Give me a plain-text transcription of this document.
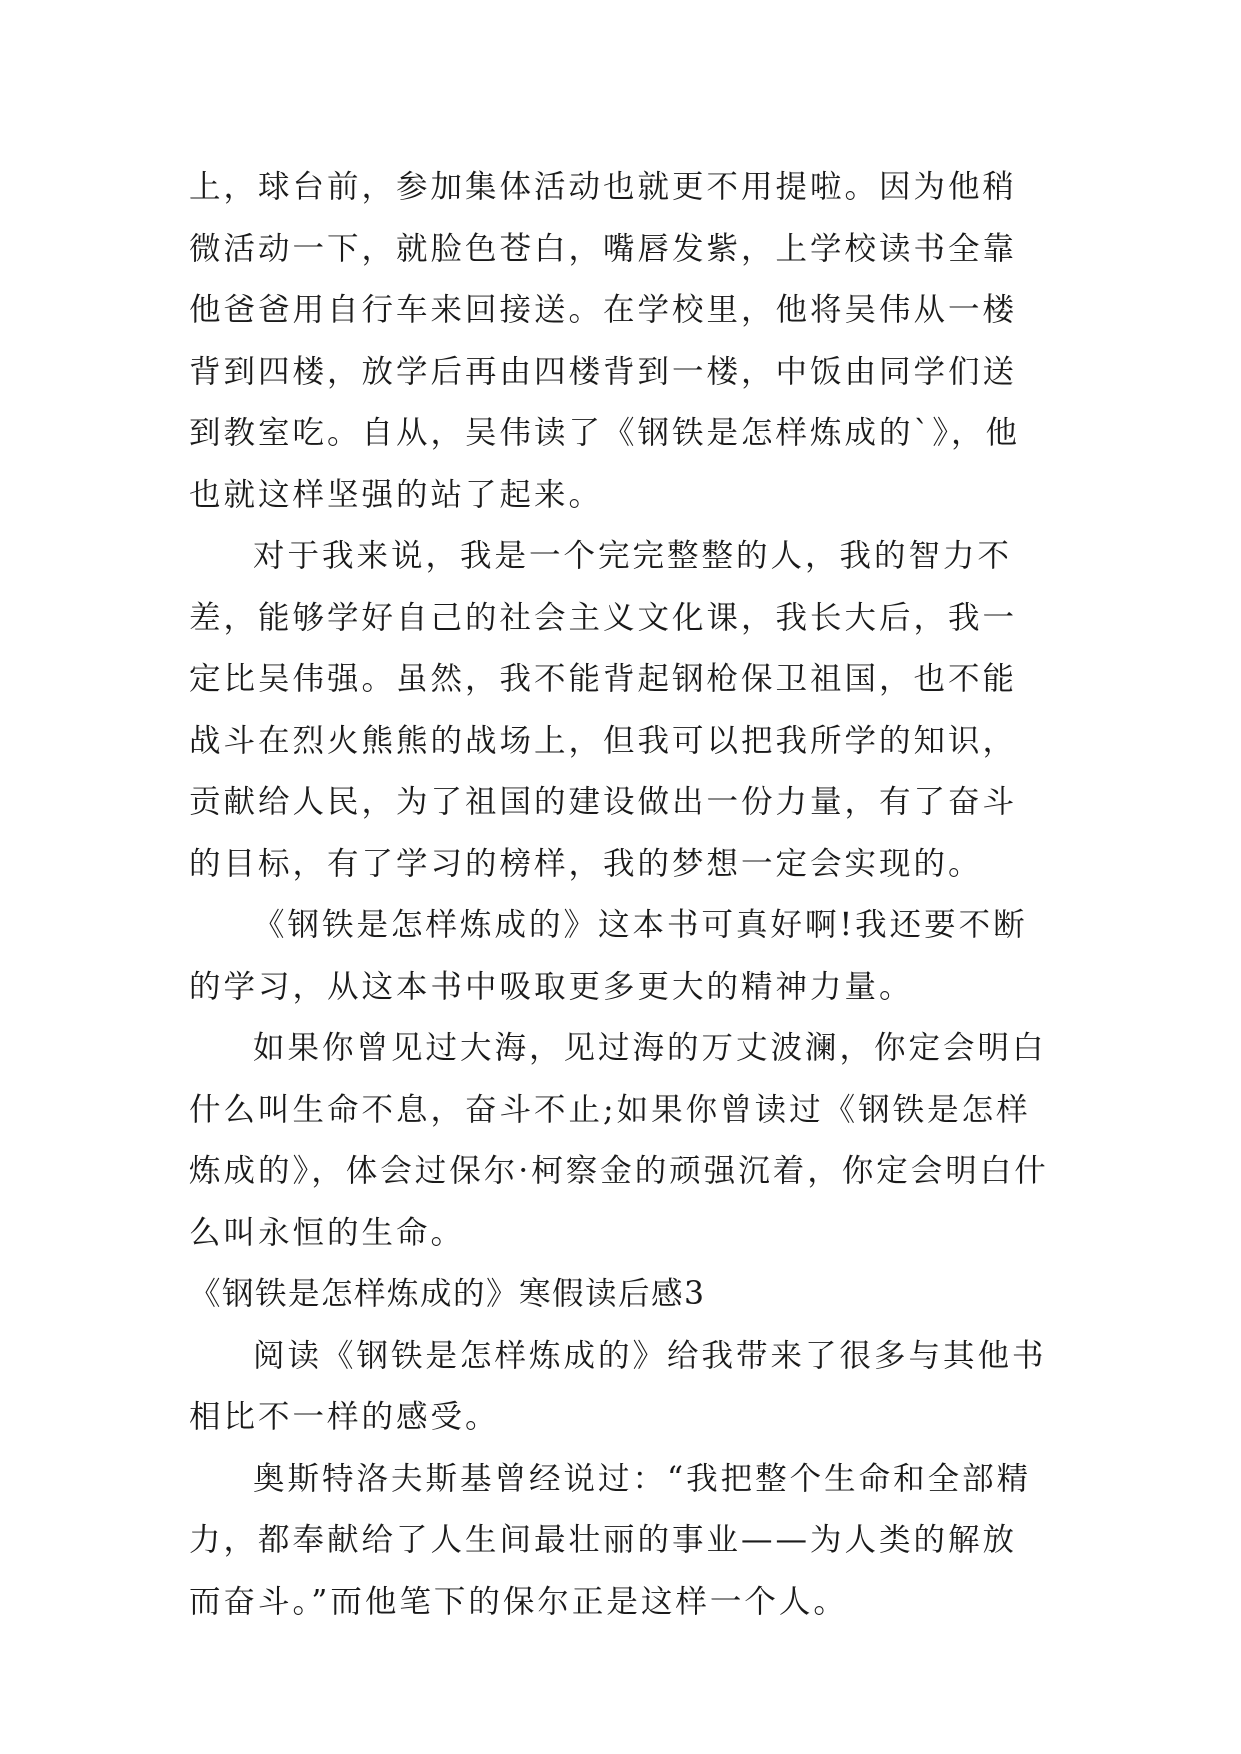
上，球台前，参加集体活动也就更不用提啦。因为他稍微活动一下，就脸色苍白，嘴唇发紫，上学校读书全靠他爸爸用自行车来回接送。在学校里，他将吴伟从一楼背到四楼，放学后再由四楼背到一楼，中饭由同学们送到教室吃。自从，吴伟读了《钢铁是怎样炼成的`》，他也就这样坚强的站了起来。

对于我来说，我是一个完完整整的人，我的智力不差，能够学好自己的社会主义文化课，我长大后，我一定比吴伟强。虽然，我不能背起钢枪保卫祖国，也不能战斗在烈火熊熊的战场上，但我可以把我所学的知识，贡献给人民，为了祖国的建设做出一份力量，有了奋斗的目标，有了学习的榜样，我的梦想一定会实现的。

《钢铁是怎样炼成的》这本书可真好啊!我还要不断的学习，从这本书中吸取更多更大的精神力量。

如果你曾见过大海，见过海的万丈波澜，你定会明白什么叫生命不息，奋斗不止;如果你曾读过《钢铁是怎样炼成的》，体会过保尔·柯察金的顽强沉着，你定会明白什么叫永恒的生命。

《钢铁是怎样炼成的》寒假读后感3

阅读《钢铁是怎样炼成的》给我带来了很多与其他书相比不一样的感受。

奥斯特洛夫斯基曾经说过：“我把整个生命和全部精力，都奉献给了人生间最壮丽的事业——为人类的解放而奋斗。”而他笔下的保尔正是这样一个人。
